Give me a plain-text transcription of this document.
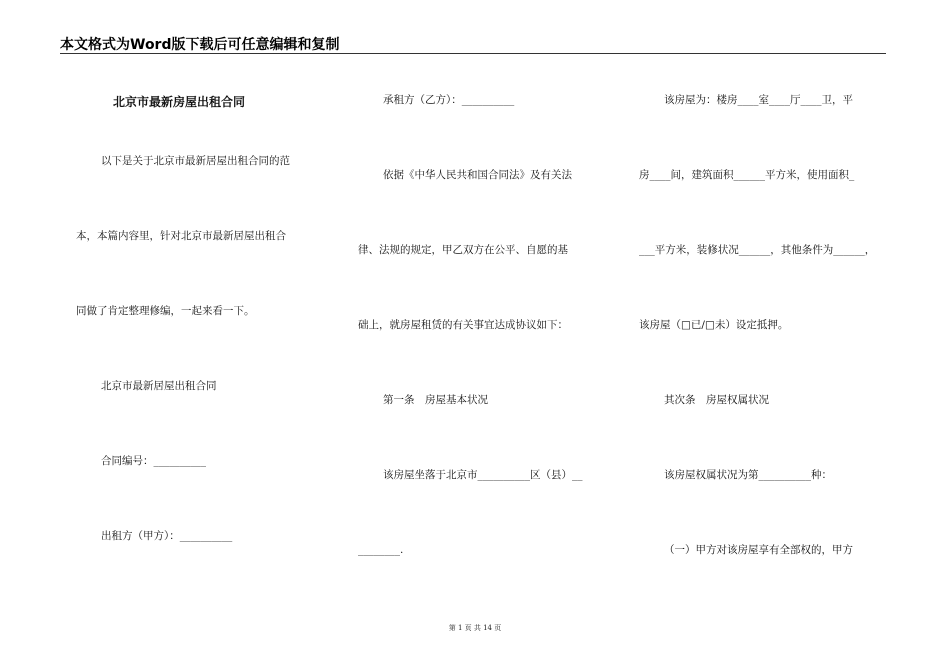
本文格式为Word版下载后可任意编辑和复制
北京市最新房屋出租合同
以下是关于北京市最新居屋出租合同的范
本，本篇内容里，针对北京市最新居屋出租合
同做了肯定整理修编，一起来看一下。
北京市最新居屋出租合同
合同编号：__________
出租方（甲方）：__________
承租方（乙方）：__________
依据《中华人民共和国合同法》及有关法
律、法规的规定，甲乙双方在公平、自愿的基
础上，就房屋租赁的有关事宜达成协议如下：
第一条　房屋基本状况
该房屋坐落于北京市__________区（县）__
________.
该房屋为：楼房____室____厅____卫，平
房____间，建筑面积______平方米，使用面积_
___平方米，装修状况______，其他条件为______，
该房屋（□已/□未）设定抵押。
其次条　房屋权属状况
该房屋权属状况为第__________种：
（一）甲方对该房屋享有全部权的，甲方
第 1 页 共 14 页
